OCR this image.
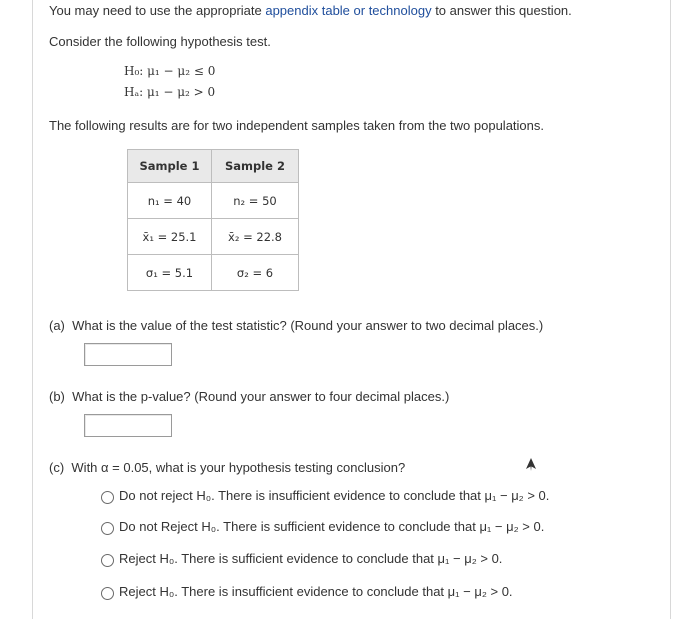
You may need to use the appropriate appendix table or technology to answer this question.
Consider the following hypothesis test.
H₀: μ₁ − μ₂ ≤ 0
Hₐ: μ₁ − μ₂ > 0
The following results are for two independent samples taken from the two populations.
Sample 1	Sample 2
n₁ = 40	n₂ = 50
x̄₁ = 25.1	x̄₂ = 22.8
σ₁ = 5.1	σ₂ = 6
(a) What is the value of the test statistic? (Round your answer to two decimal places.)
(b) What is the p-value? (Round your answer to four decimal places.)
(c) With α = 0.05, what is your hypothesis testing conclusion?
Do not reject H₀. There is insufficient evidence to conclude that μ₁ − μ₂ > 0.
Do not Reject H₀. There is sufficient evidence to conclude that μ₁ − μ₂ > 0.
Reject H₀. There is sufficient evidence to conclude that μ₁ − μ₂ > 0.
Reject H₀. There is insufficient evidence to conclude that μ₁ − μ₂ > 0.
